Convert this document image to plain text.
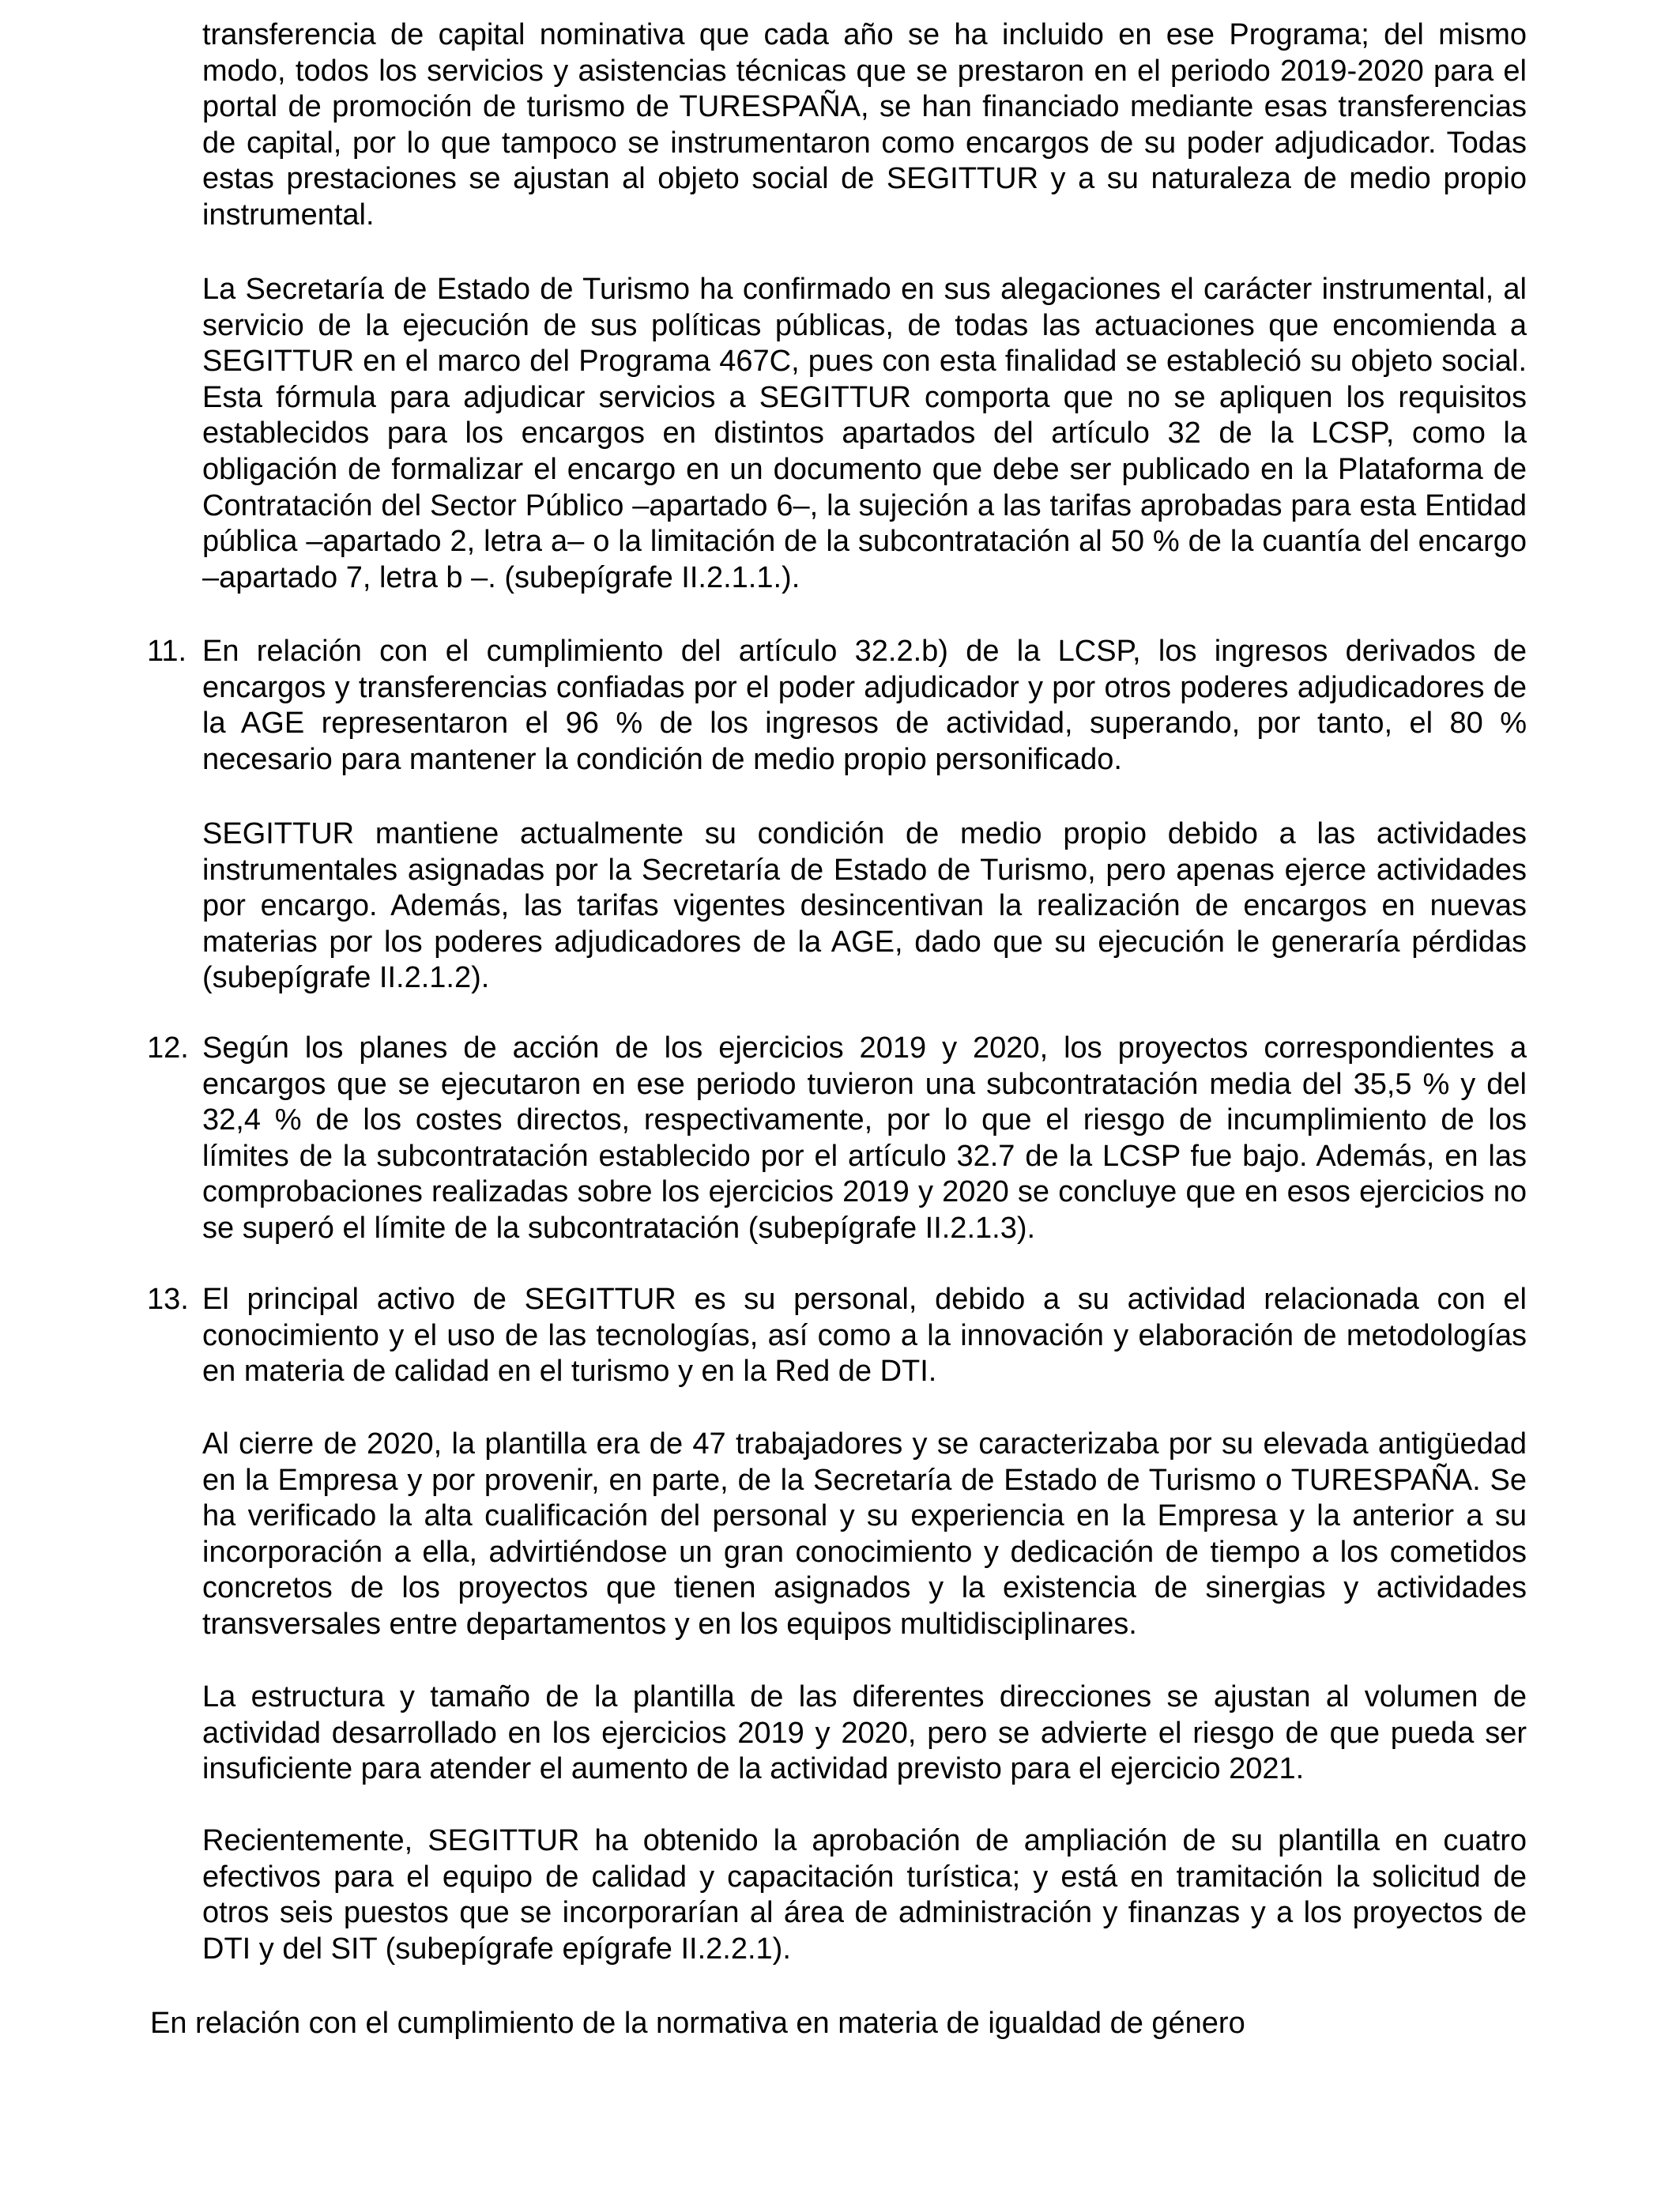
transferencia de capital nominativa que cada año se ha incluido en ese Programa; del mismo modo, todos los servicios y asistencias técnicas que se prestaron en el periodo 2019-2020 para el portal de promoción de turismo de TURESPAÑA, se han financiado mediante esas transferencias de capital, por lo que tampoco se instrumentaron como encargos de su poder adjudicador. Todas estas prestaciones se ajustan al objeto social de SEGITTUR y a su naturaleza de medio propio instrumental.

La Secretaría de Estado de Turismo ha confirmado en sus alegaciones el carácter instrumental, al servicio de la ejecución de sus políticas públicas, de todas las actuaciones que encomienda a SEGITTUR en el marco del Programa 467C, pues con esta finalidad se estableció su objeto social. Esta fórmula para adjudicar servicios a SEGITTUR comporta que no se apliquen los requisitos establecidos para los encargos en distintos apartados del artículo 32 de la LCSP, como la obligación de formalizar el encargo en un documento que debe ser publicado en la Plataforma de Contratación del Sector Público –apartado 6–, la sujeción a las tarifas aprobadas para esta Entidad pública –apartado 2, letra a– o la limitación de la subcontratación al 50 % de la cuantía del encargo –apartado 7, letra b –. (subepígrafe II.2.1.1.).

11. En relación con el cumplimiento del artículo 32.2.b) de la LCSP, los ingresos derivados de encargos y transferencias confiadas por el poder adjudicador y por otros poderes adjudicadores de la AGE representaron el 96 % de los ingresos de actividad, superando, por tanto, el 80 % necesario para mantener la condición de medio propio personificado.

SEGITTUR mantiene actualmente su condición de medio propio debido a las actividades instrumentales asignadas por la Secretaría de Estado de Turismo, pero apenas ejerce actividades por encargo. Además, las tarifas vigentes desincentivan la realización de encargos en nuevas materias por los poderes adjudicadores de la AGE, dado que su ejecución le generaría pérdidas (subepígrafe II.2.1.2).

12. Según los planes de acción de los ejercicios 2019 y 2020, los proyectos correspondientes a encargos que se ejecutaron en ese periodo tuvieron una subcontratación media del 35,5 % y del 32,4 % de los costes directos, respectivamente, por lo que el riesgo de incumplimiento de los límites de la subcontratación establecido por el artículo 32.7 de la LCSP fue bajo. Además, en las comprobaciones realizadas sobre los ejercicios 2019 y 2020 se concluye que en esos ejercicios no se superó el límite de la subcontratación (subepígrafe II.2.1.3).

13. El principal activo de SEGITTUR es su personal, debido a su actividad relacionada con el conocimiento y el uso de las tecnologías, así como a la innovación y elaboración de metodologías en materia de calidad en el turismo y en la Red de DTI.

Al cierre de 2020, la plantilla era de 47 trabajadores y se caracterizaba por su elevada antigüedad en la Empresa y por provenir, en parte, de la Secretaría de Estado de Turismo o TURESPAÑA. Se ha verificado la alta cualificación del personal y su experiencia en la Empresa y la anterior a su incorporación a ella, advirtiéndose un gran conocimiento y dedicación de tiempo a los cometidos concretos de los proyectos que tienen asignados y la existencia de sinergias y actividades transversales entre departamentos y en los equipos multidisciplinares.

La estructura y tamaño de la plantilla de las diferentes direcciones se ajustan al volumen de actividad desarrollado en los ejercicios 2019 y 2020, pero se advierte el riesgo de que pueda ser insuficiente para atender el aumento de la actividad previsto para el ejercicio 2021.

Recientemente, SEGITTUR ha obtenido la aprobación de ampliación de su plantilla en cuatro efectivos para el equipo de calidad y capacitación turística; y está en tramitación la solicitud de otros seis puestos que se incorporarían al área de administración y finanzas y a los proyectos de DTI y del SIT (subepígrafe epígrafe II.2.2.1).

En relación con el cumplimiento de la normativa en materia de igualdad de género
